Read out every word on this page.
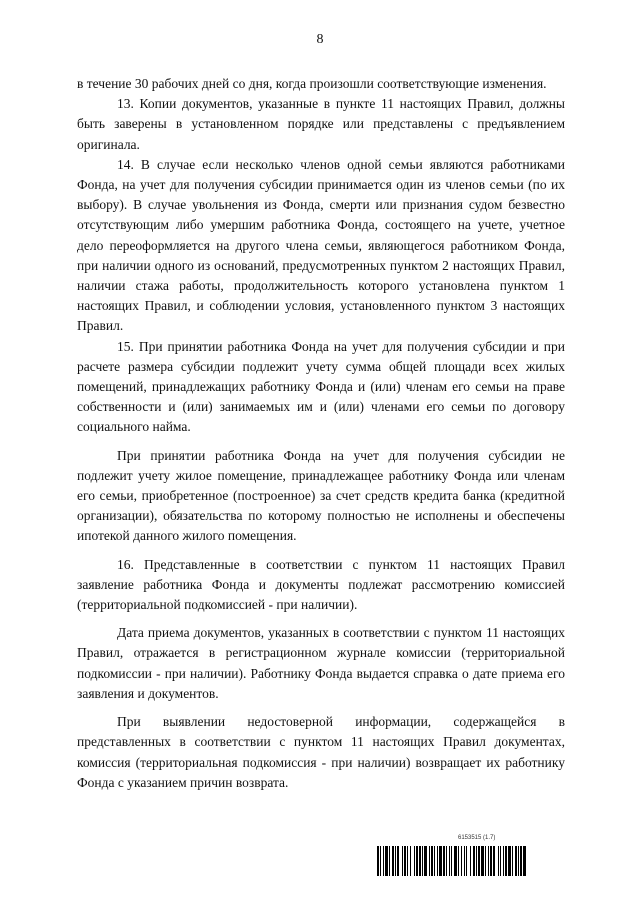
8

в течение 30 рабочих дней со дня, когда произошли соответствующие изменения.

13. Копии документов, указанные в пункте 11 настоящих Правил, должны быть заверены в установленном порядке или представлены с предъявлением оригинала.

14. В случае если несколько членов одной семьи являются работниками Фонда, на учет для получения субсидии принимается один из членов семьи (по их выбору). В случае увольнения из Фонда, смерти или признания судом безвестно отсутствующим либо умершим работника Фонда, состоящего на учете, учетное дело переоформляется на другого члена семьи, являющегося работником Фонда, при наличии одного из оснований, предусмотренных пунктом 2 настоящих Правил, наличии стажа работы, продолжительность которого установлена пунктом 1 настоящих Правил, и соблюдении условия, установленного пунктом 3 настоящих Правил.

15. При принятии работника Фонда на учет для получения субсидии и при расчете размера субсидии подлежит учету сумма общей площади всех жилых помещений, принадлежащих работнику Фонда и (или) членам его семьи на праве собственности и (или) занимаемых им и (или) членами его семьи по договору социального найма.

При принятии работника Фонда на учет для получения субсидии не подлежит учету жилое помещение, принадлежащее работнику Фонда или членам его семьи, приобретенное (построенное) за счет средств кредита банка (кредитной организации), обязательства по которому полностью не исполнены и обеспечены ипотекой данного жилого помещения.

16. Представленные в соответствии с пунктом 11 настоящих Правил заявление работника Фонда и документы подлежат рассмотрению комиссией (территориальной подкомиссией - при наличии).

Дата приема документов, указанных в соответствии с пунктом 11 настоящих Правил, отражается в регистрационном журнале комиссии (территориальной подкомиссии - при наличии). Работнику Фонда выдается справка о дате приема его заявления и документов.

При выявлении недостоверной информации, содержащейся в представленных в соответствии с пунктом 11 настоящих Правил документах, комиссия (территориальная подкомиссия - при наличии) возвращает их работнику Фонда с указанием причин возврата.

6153515 (1.7)
